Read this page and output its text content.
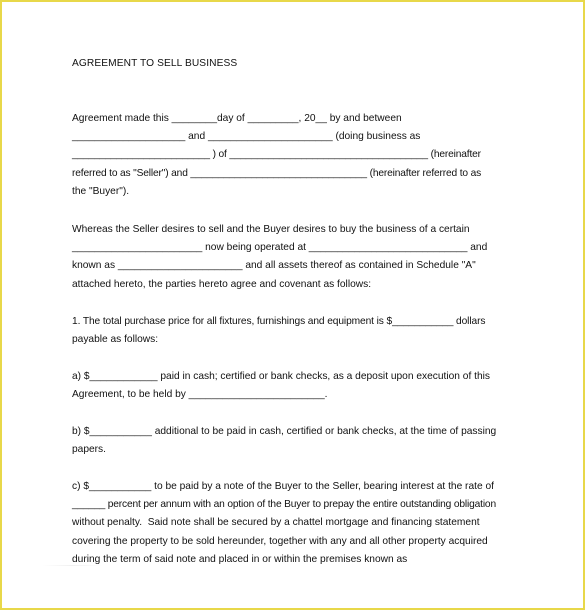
AGREEMENT TO SELL BUSINESS
Agreement made this ________day of _________, 20__ by and between
____________________ and ______________________ (doing business as
_________________________ ) of ____________________________________ (hereinafter
referred to as "Seller") and ________________________________ (hereinafter referred to as
the "Buyer").
Whereas the Seller desires to sell and the Buyer desires to buy the business of a certain
_______________________ now being operated at ____________________________ and
known as ______________________ and all assets thereof as contained in Schedule "A"
attached hereto, the parties hereto agree and covenant as follows:
1. The total purchase price for all fixtures, furnishings and equipment is $___________ dollars
payable as follows:
a) $____________ paid in cash; certified or bank checks, as a deposit upon execution of this
Agreement, to be held by ________________________.
b) $___________ additional to be paid in cash, certified or bank checks, at the time of passing
papers.
c) $___________ to be paid by a note of the Buyer to the Seller, bearing interest at the rate of
______ percent per annum with an option of the Buyer to prepay the entire outstanding obligation
without penalty.  Said note shall be secured by a chattel mortgage and financing statement
covering the property to be sold hereunder, together with any and all other property acquired
during the term of said note and placed in or within the premises known as
